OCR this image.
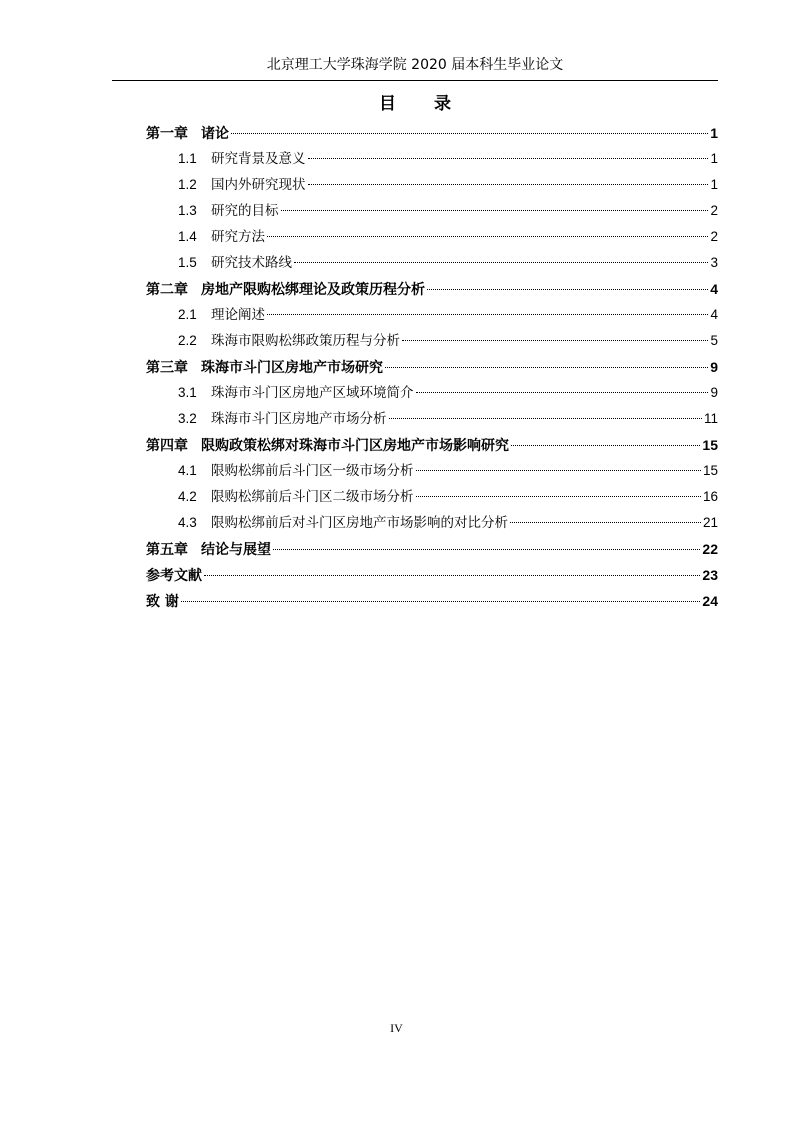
北京理工大学珠海学院 2020 届本科生毕业论文
目 录
第一章 诸论	1
1.1	研究背景及意义	1
1.2	国内外研究现状	1
1.3	研究的目标	2
1.4	研究方法	2
1.5	研究技术路线	3
第二章 房地产限购松绑理论及政策历程分析	4
2.1	理论阐述	4
2.2	珠海市限购松绑政策历程与分析	5
第三章 珠海市斗门区房地产市场研究	9
3.1	珠海市斗门区房地产区域环境简介	9
3.2	珠海市斗门区房地产市场分析	11
第四章 限购政策松绑对珠海市斗门区房地产市场影响研究	15
4.1	限购松绑前后斗门区一级市场分析	15
4.2	限购松绑前后斗门区二级市场分析	16
4.3	限购松绑前后对斗门区房地产市场影响的对比分析	21
第五章 结论与展望	22
参考文献	23
致 谢	24
IV
